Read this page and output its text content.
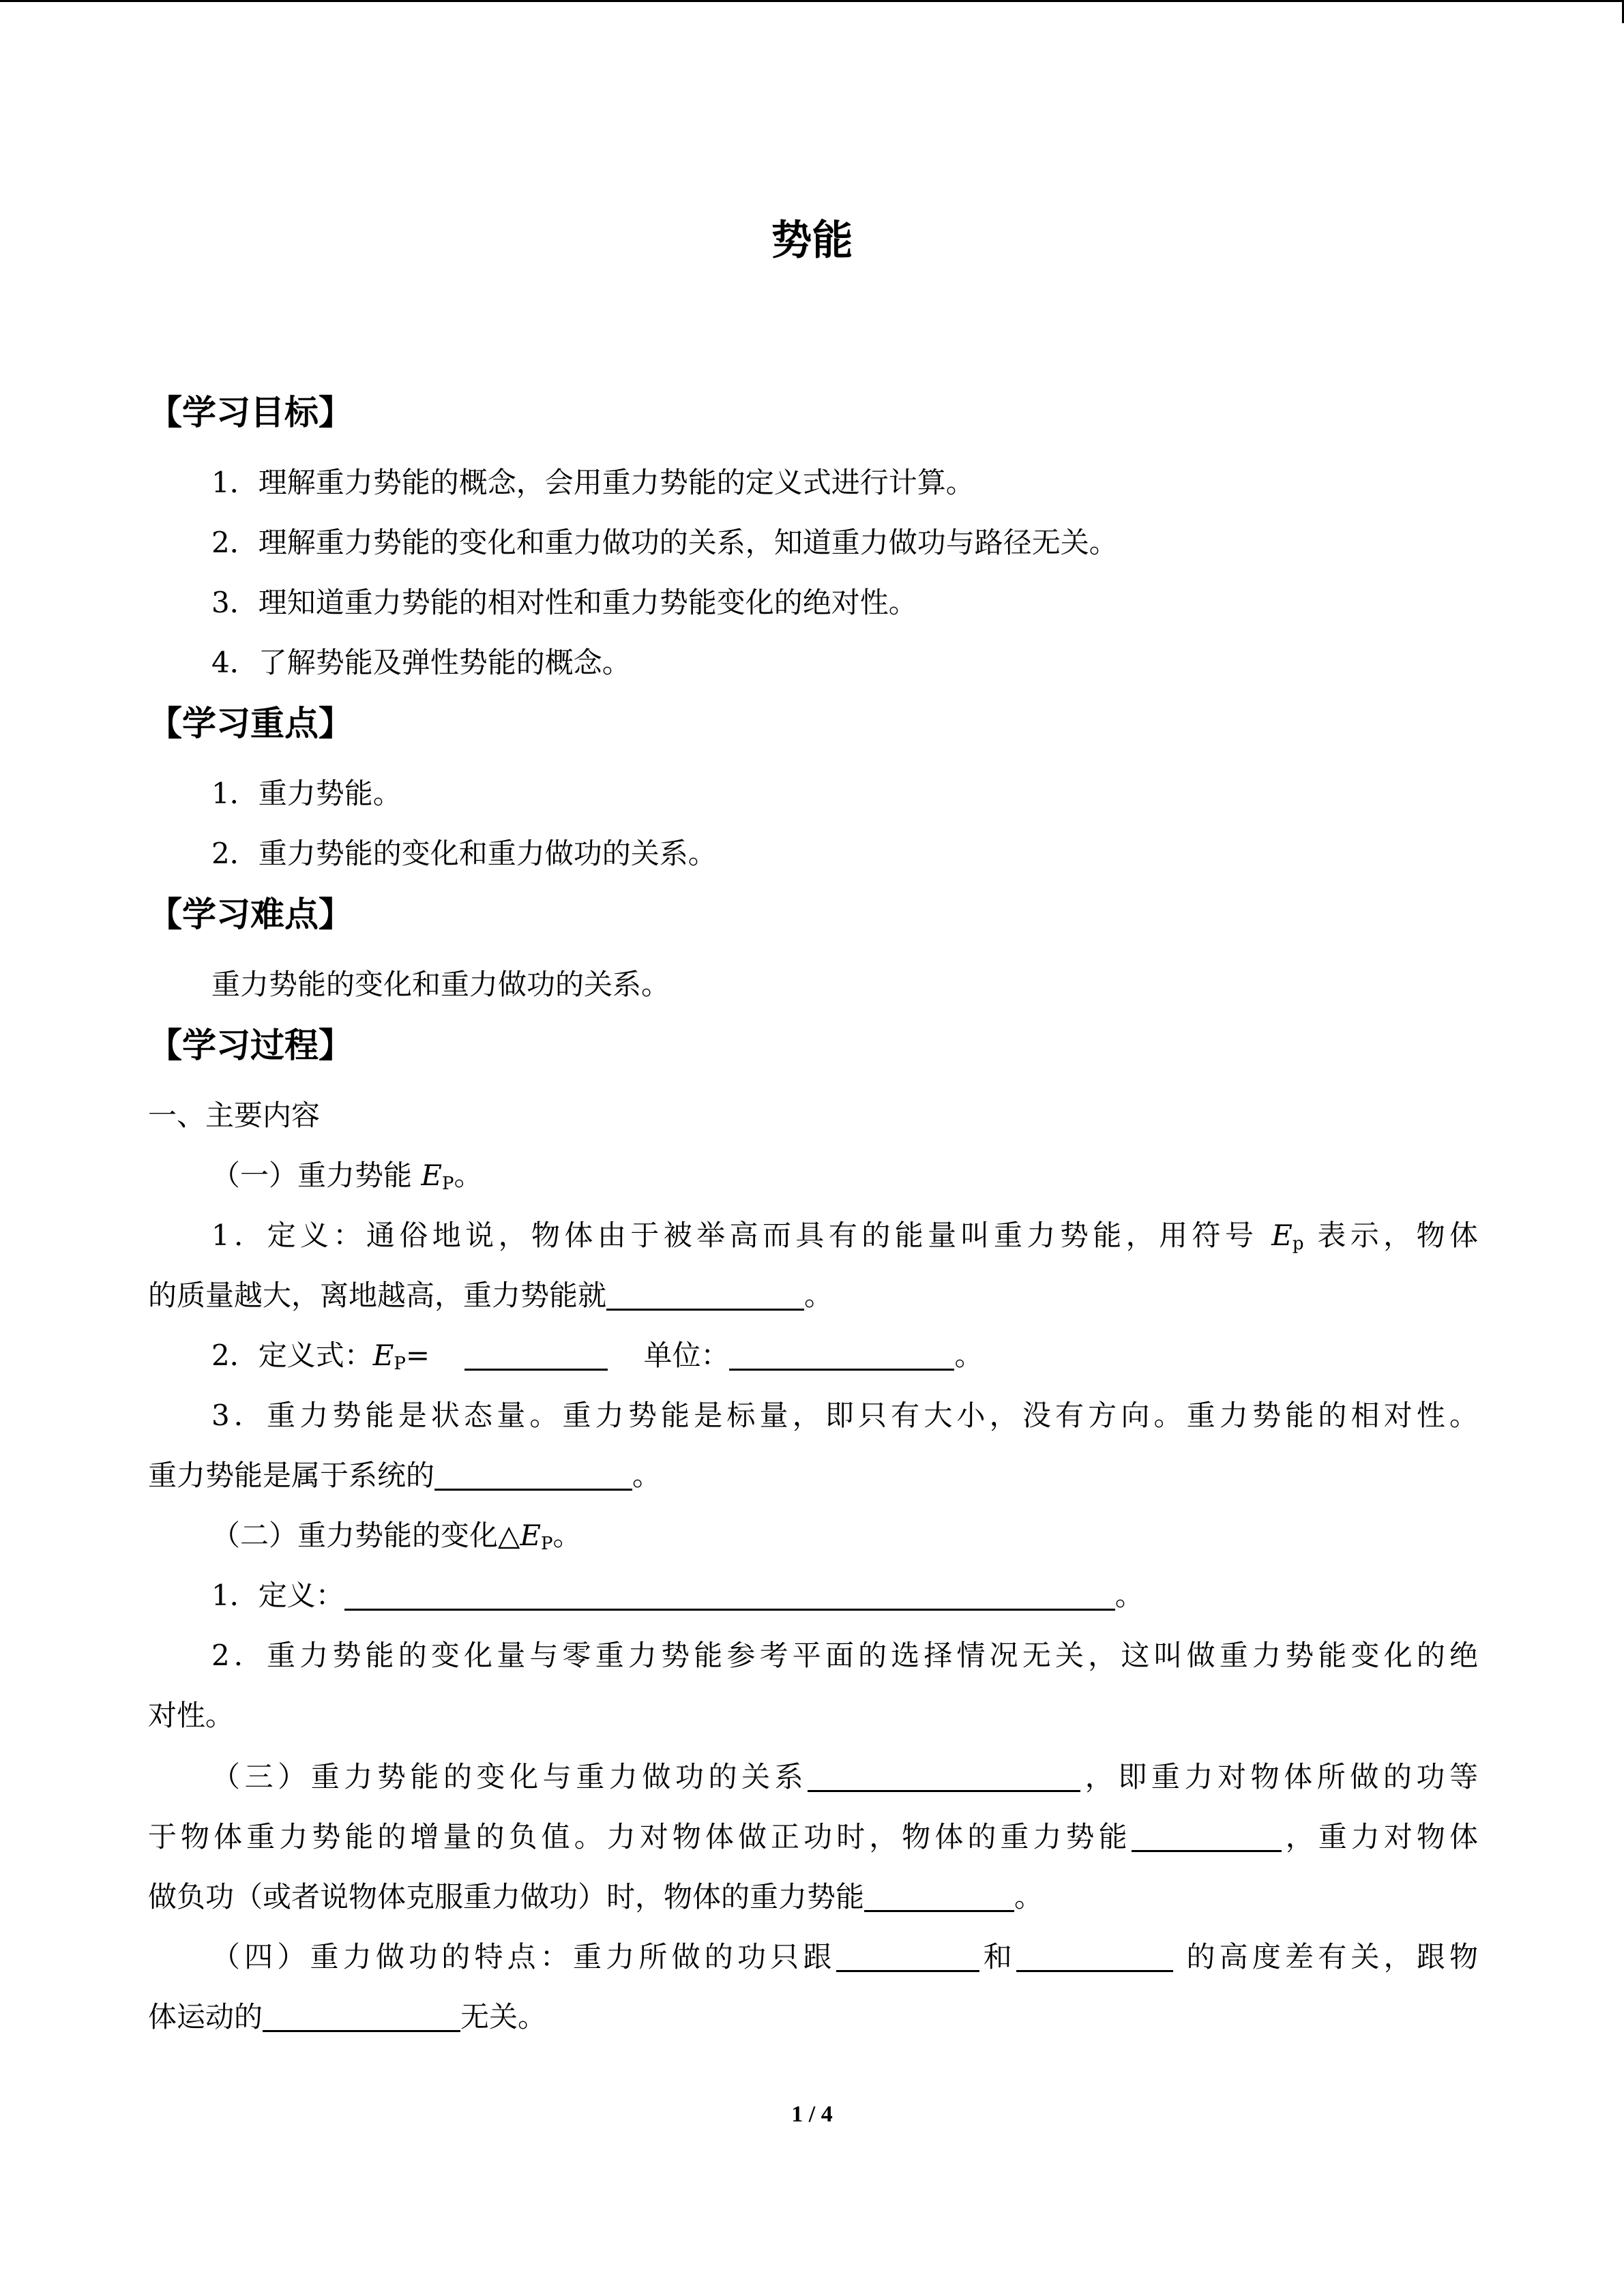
势能

【学习目标】

1．理解重力势能的概念，会用重力势能的定义式进行计算。

2．理解重力势能的变化和重力做功的关系，知道重力做功与路径无关。

3．理知道重力势能的相对性和重力势能变化的绝对性。

4．了解势能及弹性势能的概念。

【学习重点】

1．重力势能。

2．重力势能的变化和重力做功的关系。

【学习难点】

重力势能的变化和重力做功的关系。

【学习过程】

一、主要内容

（一）重力势能 $E_P$。

1．定义：通俗地说，物体由于被举高而具有的能量叫重力势能，用符号 $E_p$ 表示，物体

的质量越大，离地越高，重力势能就	。

2．定义式：$E_P=$	单位：	。

3．重力势能是状态量。重力势能是标量，即只有大小，没有方向。重力势能的相对性。

重力势能是属于系统的	。

（二）重力势能的变化$\triangle E_P$。

1．定义：	。

2．重力势能的变化量与零重力势能参考平面的选择情况无关，这叫做重力势能变化的绝

对性。

（三）重力势能的变化与重力做功的关系	，即重力对物体所做的功等

于物体重力势能的增量的负值。力对物体做正功时，物体的重力势能	，重力对物体

做负功（或者说物体克服重力做功）时，物体的重力势能	。

（四）重力做功的特点：重力所做的功只跟	和	的高度差有关，跟物

体运动的	无关。

1 / 4
